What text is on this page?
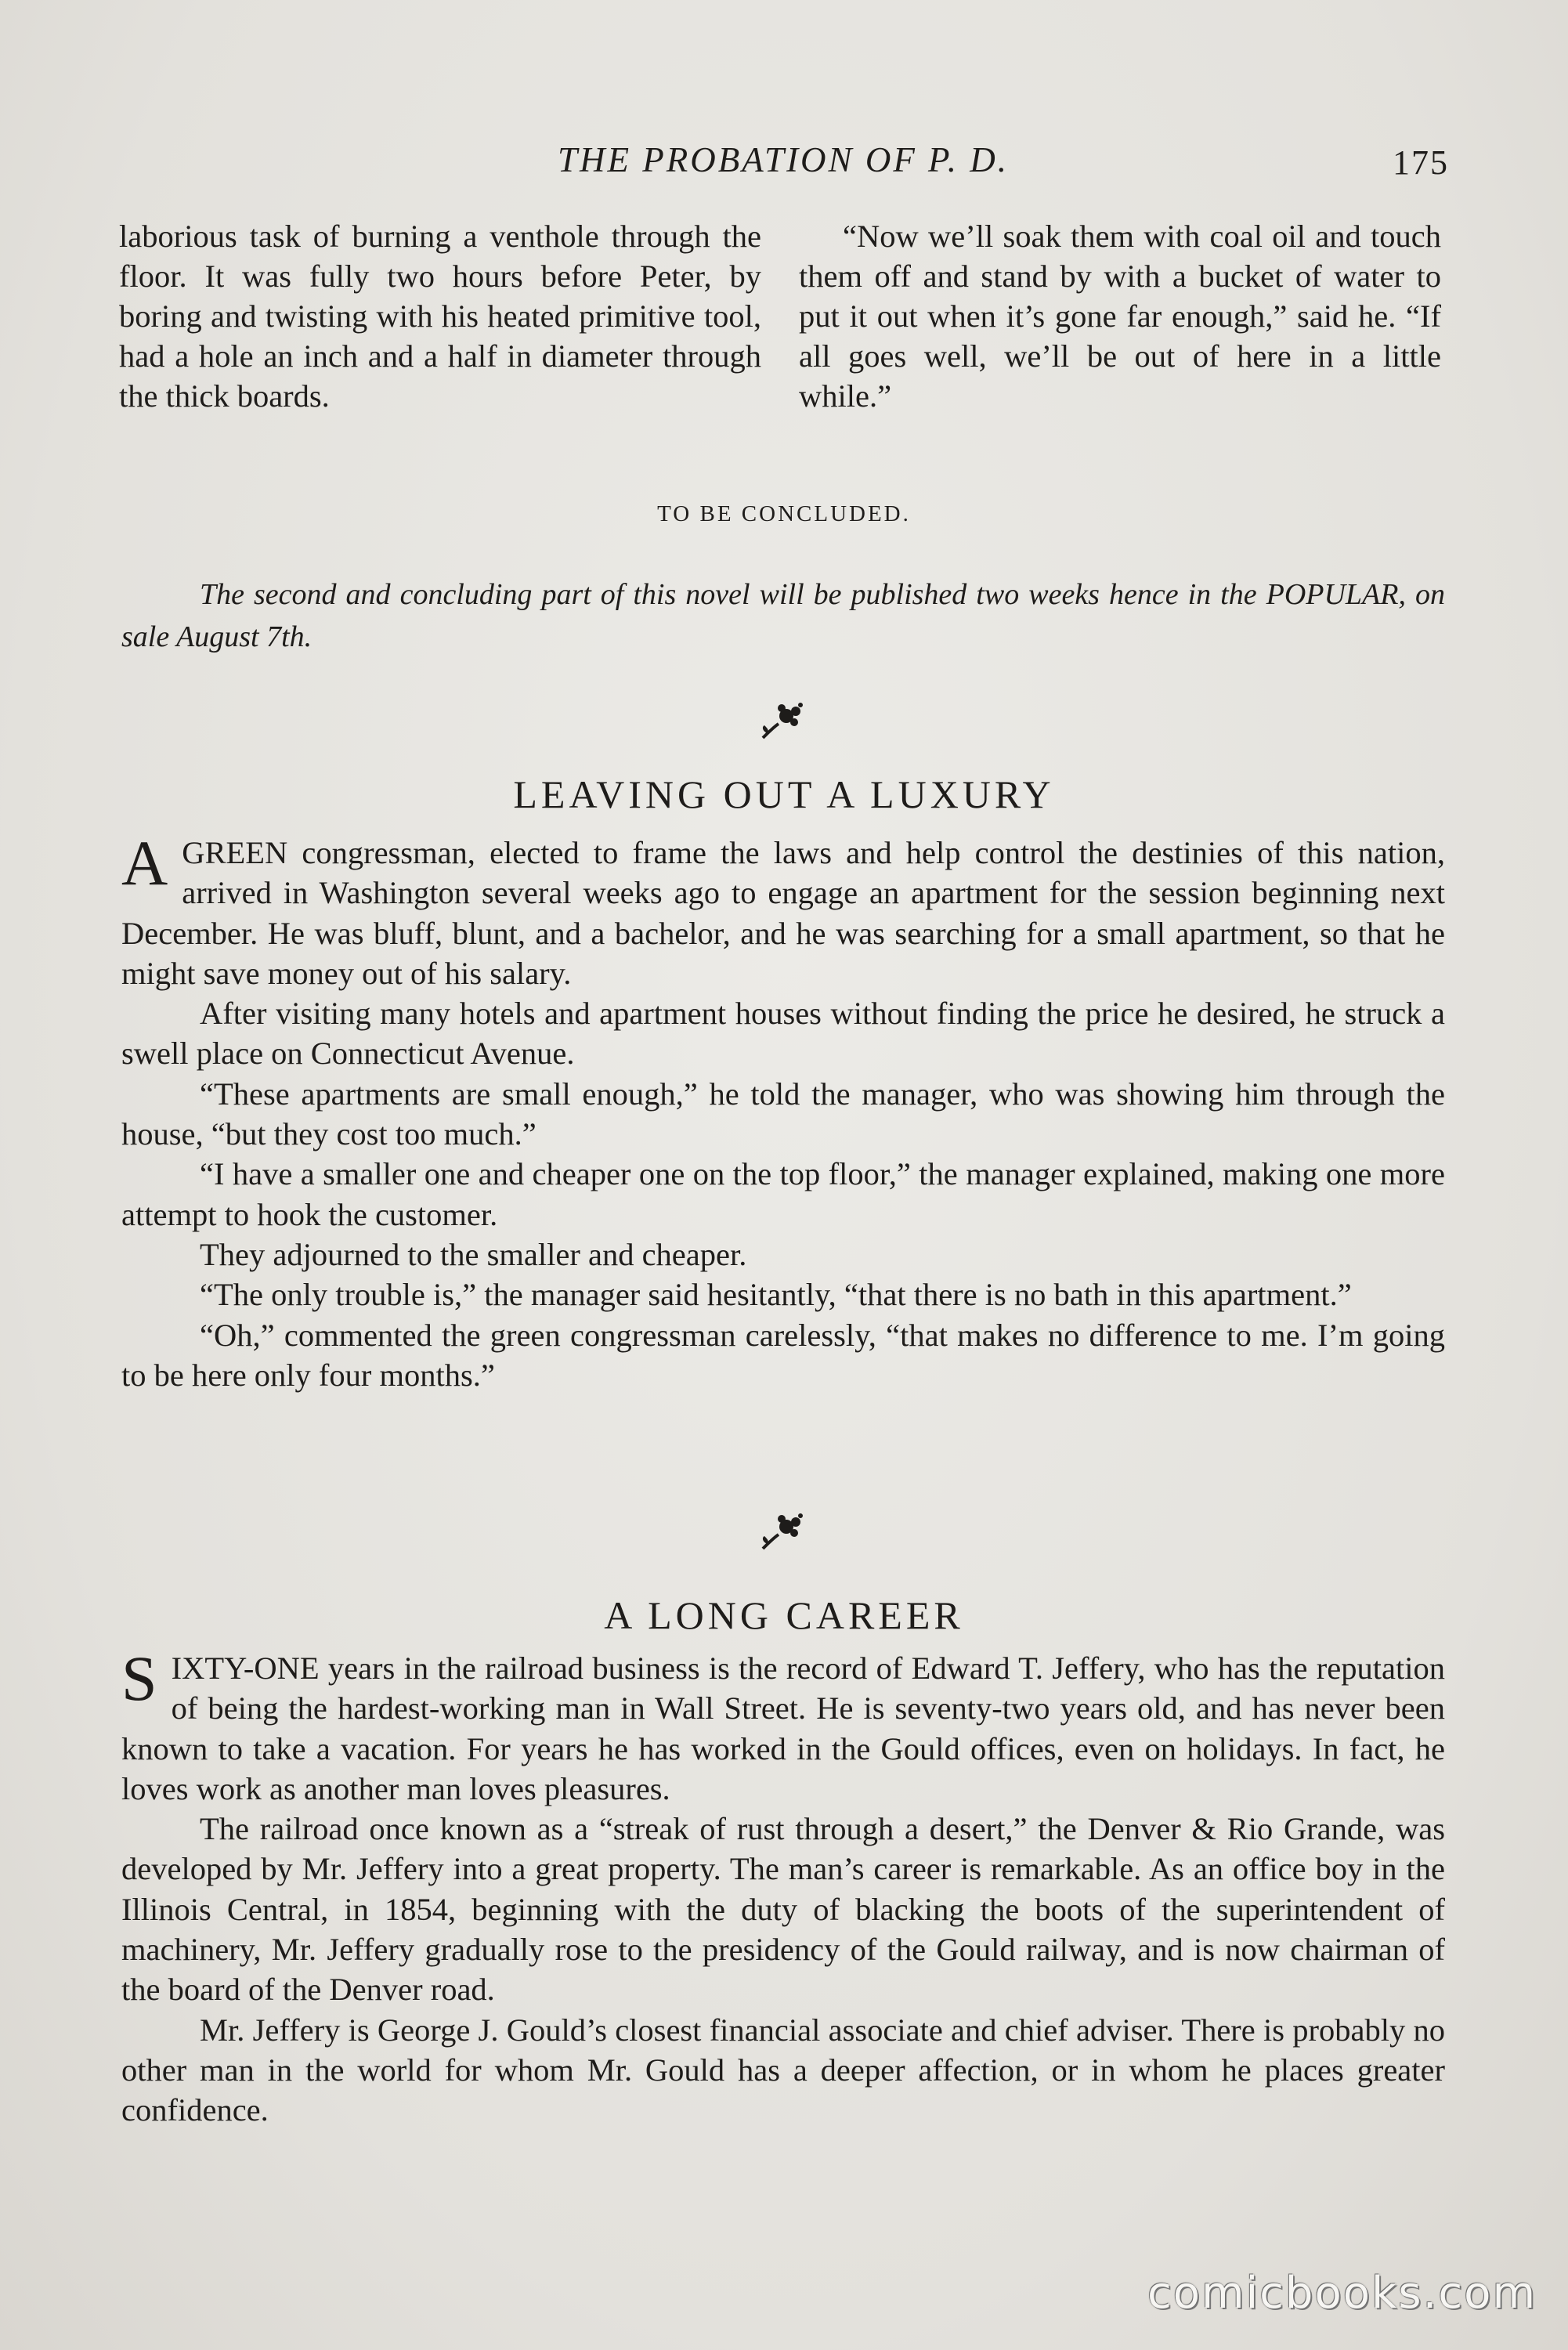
THE PROBATION OF P. D.	175

laborious task of burning a venthole through the floor. It was fully two hours before Peter, by boring and twisting with his heated primitive tool, had a hole an inch and a half in diameter through the thick boards.

“Now we’ll soak them with coal oil and touch them off and stand by with a bucket of water to put it out when it’s gone far enough,” said he. “If all goes well, we’ll be out of here in a little while.”

TO BE CONCLUDED.

The second and concluding part of this novel will be published two weeks hence in the POPULAR, on sale August 7th.

LEAVING OUT A LUXURY

AGREEN congressman, elected to frame the laws and help control the destinies of this nation, arrived in Washington several weeks ago to engage an apartment for the session beginning next December. He was bluff, blunt, and a bachelor, and he was searching for a small apartment, so that he might save money out of his salary.

After visiting many hotels and apartment houses without finding the price he desired, he struck a swell place on Connecticut Avenue.

“These apartments are small enough,” he told the manager, who was showing him through the house, “but they cost too much.”

“I have a smaller one and cheaper one on the top floor,” the manager explained, making one more attempt to hook the customer.

They adjourned to the smaller and cheaper.

“The only trouble is,” the manager said hesitantly, “that there is no bath in this apartment.”

“Oh,” commented the green congressman carelessly, “that makes no difference to me. I’m going to be here only four months.”

A LONG CAREER

SIXTY-ONE years in the railroad business is the record of Edward T. Jeffery, who has the reputation of being the hardest-working man in Wall Street. He is seventy-two years old, and has never been known to take a vacation. For years he has worked in the Gould offices, even on holidays. In fact, he loves work as another man loves pleasures.

The railroad once known as a “streak of rust through a desert,” the Denver & Rio Grande, was developed by Mr. Jeffery into a great property. The man’s career is remarkable. As an office boy in the Illinois Central, in 1854, beginning with the duty of blacking the boots of the superintendent of machinery, Mr. Jeffery gradually rose to the presidency of the Gould railway, and is now chairman of the board of the Denver road.

Mr. Jeffery is George J. Gould’s closest financial associate and chief adviser. There is probably no other man in the world for whom Mr. Gould has a deeper affection, or in whom he places greater confidence.

comicbooks.com
